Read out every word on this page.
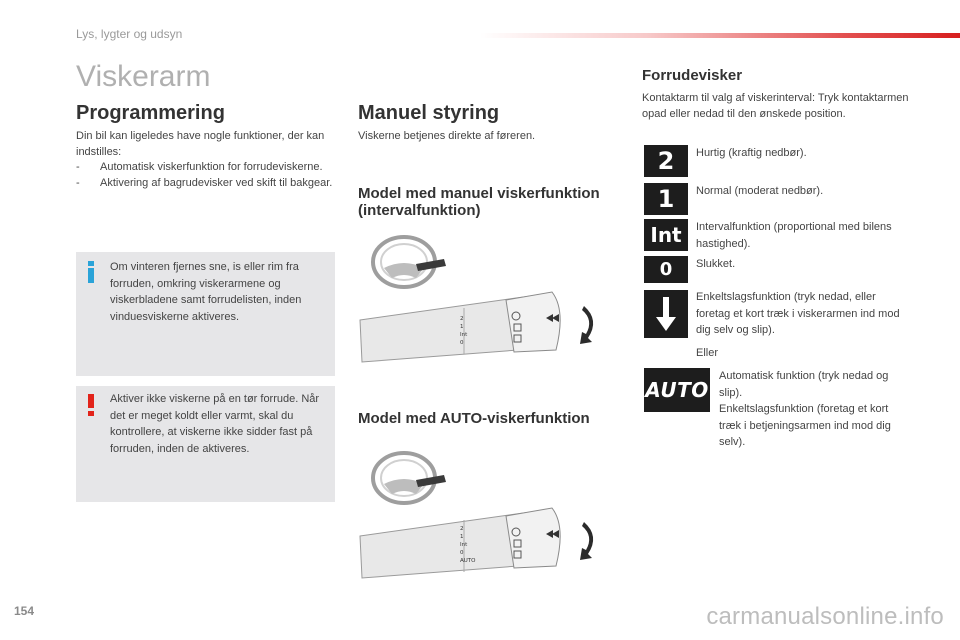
Lys, lygter og udsyn
Viskerarm
Programmering
Din bil kan ligeledes have nogle funktioner, der kan indstilles:
-	Automatisk viskerfunktion for forrudeviskerne.
-	Aktivering af bagrudevisker ved skift til bakgear.
Om vinteren fjernes sne, is eller rim fra forruden, omkring viskerarmene og viskerbladene samt forrudelisten, inden vinduesviskerne aktiveres.
Aktiver ikke viskerne på en tør forrude. Når det er meget koldt eller varmt, skal du kontrollere, at viskerne ikke sidder fast på forruden, inden de aktiveres.
Manuel styring
Viskerne betjenes direkte af føreren.
Model med manuel viskerfunktion (intervalfunktion)
2
1
Int
0
Model med AUTO-viskerfunktion
2
1
Int
0
AUTO
Forrudevisker
Kontaktarm til valg af viskerinterval: Tryk kontaktarmen opad eller nedad til den ønskede position.
2	Hurtig (kraftig nedbør).
1	Normal (moderat nedbør).
Int	Intervalfunktion (proportional med bilens hastighed).
0	Slukket.
Enkeltslagsfunktion (tryk nedad, eller foretag et kort træk i viskerarmen ind mod dig selv og slip).
Eller
AUTO
Automatisk funktion (tryk nedad og slip).
Enkeltslagsfunktion (foretag et kort træk i betjeningsarmen ind mod dig selv).
154	carmanualsonline.info
